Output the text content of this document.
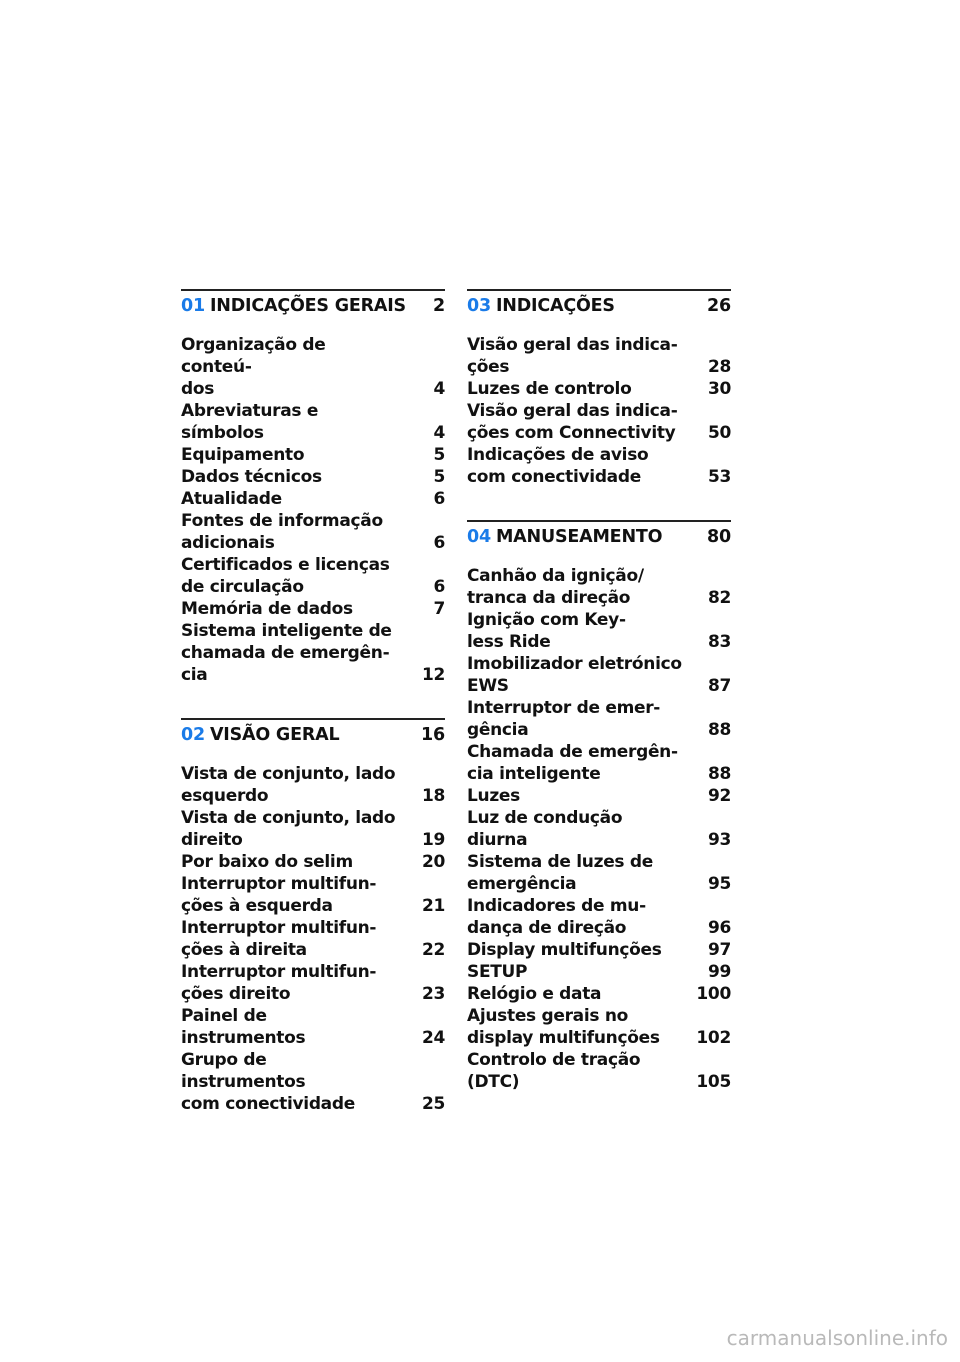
01 INDICAÇÕES GERAIS 2
Organização de conteú-
dos	4
Abreviaturas e símbolos	4
Equipamento	5
Dados técnicos	5
Atualidade	6
Fontes de informação
adicionais	6
Certificados e licenças
de circulação	6
Memória de dados	7
Sistema inteligente de
chamada de emergên-
cia	12
02 VISÃO GERAL	16
Vista de conjunto, lado
esquerdo	18
Vista de conjunto, lado
direito	19
Por baixo do selim	20
Interruptor multifun-
ções à esquerda	21
Interruptor multifun-
ções à direita	22
Interruptor multifun-
ções direito	23
Painel de instrumentos	24
Grupo de instrumentos
com conectividade	25
03 INDICAÇÕES	26
Visão geral das indica-
ções	28
Luzes de controlo	30
Visão geral das indica-
ções com Connectivity	50
Indicações de aviso
com conectividade	53
04 MANUSEAMENTO	80
Canhão da ignição/
tranca da direção	82
Ignição com Key-
less Ride	83
Imobilizador eletrónico
EWS	87
Interruptor de emer-
gência	88
Chamada de emergên-
cia inteligente	88
Luzes	92
Luz de condução
diurna	93
Sistema de luzes de
emergência	95
Indicadores de mu-
dança de direção	96
Display multifunções	97
SETUP	99
Relógio e data	100
Ajustes gerais no
display multifunções	102
Controlo de tração
(DTC)	105
carmanualsonline.info
